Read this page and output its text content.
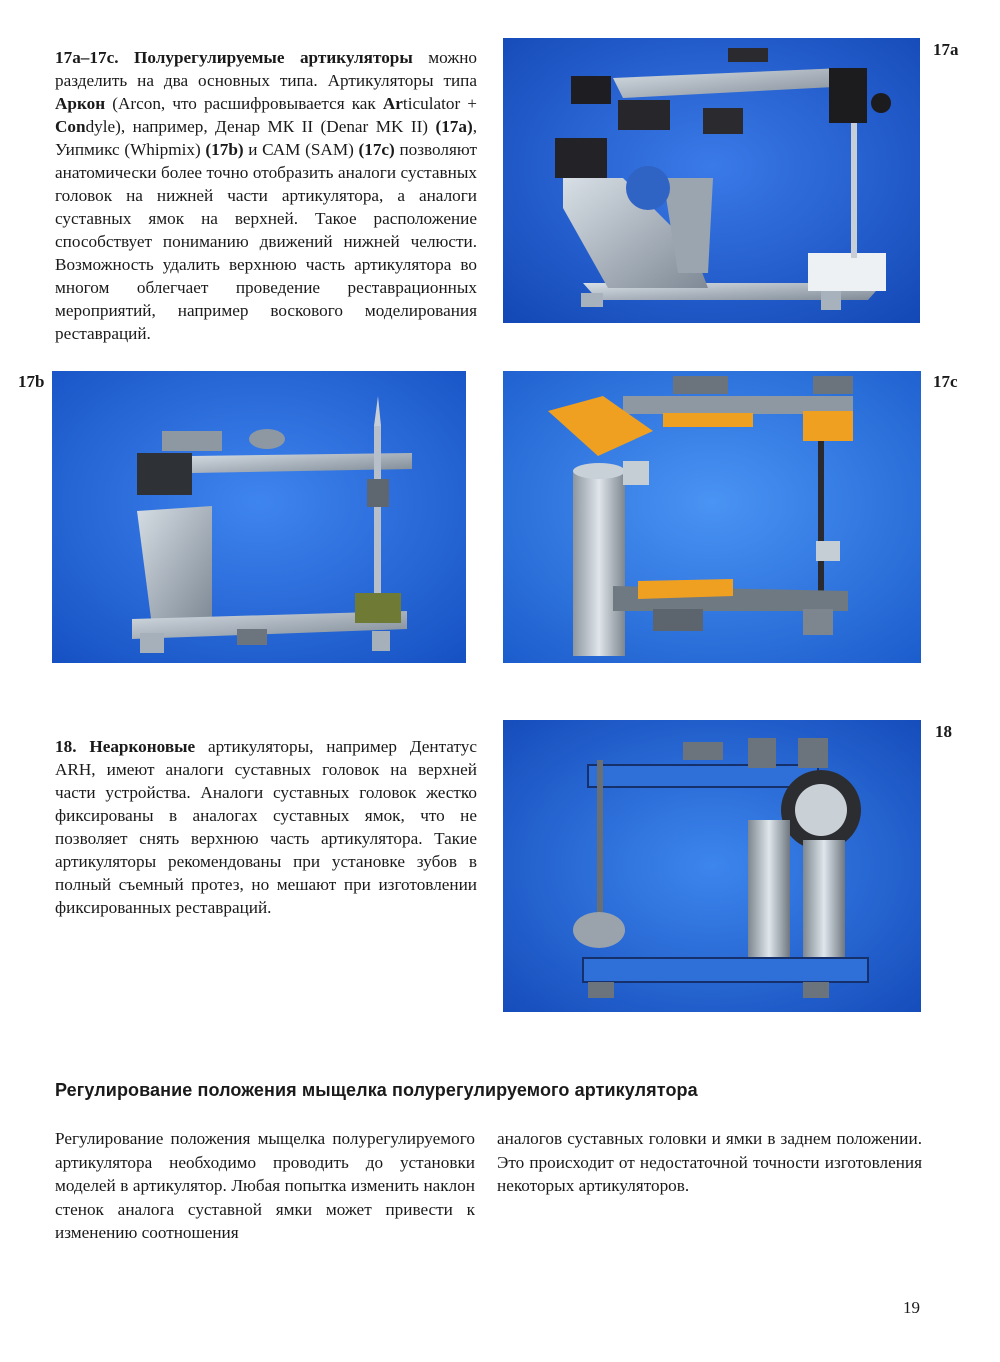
17a–17c. Полурегулируемые артикуляторы можно разделить на два основных типа. Артикуляторы типа Аркон (Arcon, что расшифровывается как Articulator + Condyle), например, Денар МК II (Denar MK II) (17a), Уипмикс (Whipmix) (17b) и САМ (SAM) (17c) позволяют анатомически более точно отобразить аналоги суставных головок на нижней части артикулятора, а аналоги суставных ямок на верхней. Такое расположение способствует пониманию движений нижней челюсти. Возможность удалить верхнюю часть артикулятора во многом облегчает проведение реставрационных мероприятий, например воскового моделирования реставраций.

17a
17b	17c

18. Неарконовые артикуляторы, например Дентатус ARH, имеют аналоги суставных головок на верхней части устройства. Аналоги суставных головок жестко фиксированы в аналогах суставных ямок, что не позволяет снять верхнюю часть артикулятора. Такие артикуляторы рекомендованы при установке зубов в полный съемный протез, но мешают при изготовлении фиксированных реставраций.

18
Регулирование положения мыщелка полурегулируемого артикулятора

Регулирование положения мыщелка полурегулируемого артикулятора необходимо проводить до установки моделей в артикулятор. Любая попытка изменить наклон стенок аналога суставной ямки может привести к изменению соотношения

аналогов суставных головки и ямки в заднем положении. Это происходит от недостаточной точности изготовления некоторых артикуляторов.

19
